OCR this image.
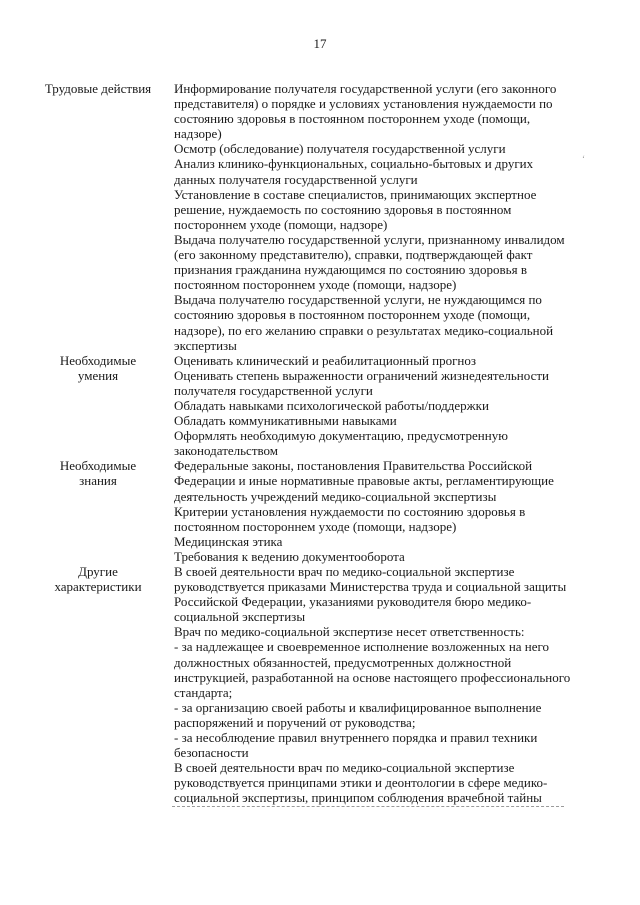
17
ʻ
Трудовые действия Информирование получателя государственной услуги (его законного
представителя) о порядке и условиях установления нуждаемости по
состоянию здоровья в постоянном постороннем уходе (помощи,
надзоре)
Осмотр (обследование) получателя государственной услуги
Анализ клинико-функциональных, социально-бытовых и других
данных получателя государственной услуги
Установление в составе специалистов, принимающих экспертное
решение, нуждаемость по состоянию здоровья в постоянном
постороннем уходе (помощи, надзоре)
Выдача получателю государственной услуги, признанному инвалидом
(его законному представителю), справки, подтверждающей факт
признания гражданина нуждающимся по состоянию здоровья в
постоянном постороннем уходе (помощи, надзоре)
Выдача получателю государственной услуги, не нуждающимся по
состоянию здоровья в постоянном постороннем уходе (помощи,
надзоре), по его желанию справки о результатах медико-социальной
экспертизы
Необходимые
умения
Оценивать клинический и реабилитационный прогноз
Оценивать степень выраженности ограничений жизнедеятельности
получателя государственной услуги
Обладать навыками психологической работы/поддержки
Обладать коммуникативными навыками
Оформлять необходимую документацию, предусмотренную
законодательством
Необходимые
знания
Федеральные законы, постановления Правительства Российской
Федерации и иные нормативные правовые акты, регламентирующие
деятельность учреждений медико-социальной экспертизы
Критерии установления нуждаемости по состоянию здоровья в
постоянном постороннем уходе (помощи, надзоре)
Медицинская этика
Требования к ведению документооборота
Другие
характеристики
В своей деятельности врач по медико-социальной экспертизе
руководствуется приказами Министерства труда и социальной защиты
Российской Федерации, указаниями руководителя бюро медико-
социальной экспертизы
Врач по медико-социальной экспертизе несет ответственность:
- за надлежащее и своевременное исполнение возложенных на него
должностных обязанностей, предусмотренных должностной
инструкцией, разработанной на основе настоящего профессионального
стандарта;
- за организацию своей работы и квалифицированное выполнение
распоряжений и поручений от руководства;
- за несоблюдение правил внутреннего порядка и правил техники
безопасности
В своей деятельности врач по медико-социальной экспертизе
руководствуется принципами этики и деонтологии в сфере медико-
социальной экспертизы, принципом соблюдения врачебной тайны
